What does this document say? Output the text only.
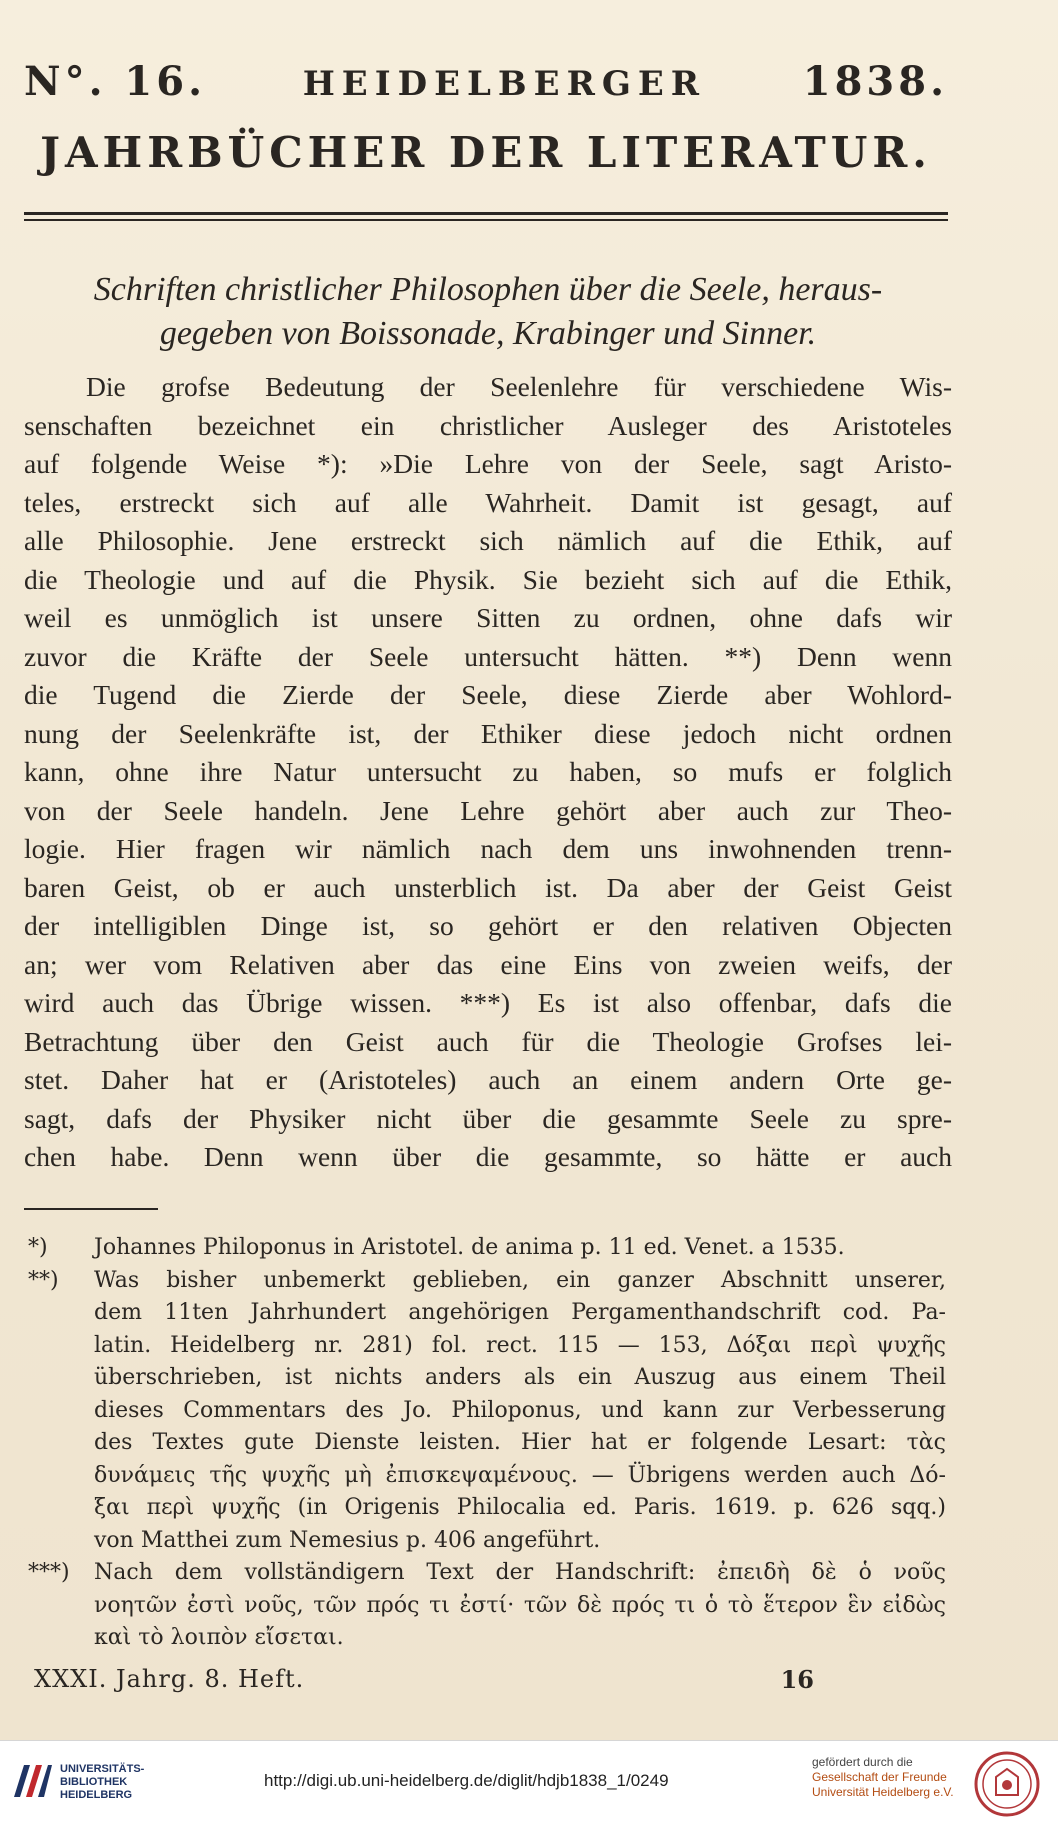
N°. 16.	HEIDELBERGER 1838.
JAHRBÜCHER DER LITERATUR.
Schriften christlicher Philosophen über die Seele, heraus-
gegeben von Boissonade, Krabinger und Sinner.
Die grofse Bedeutung der Seelenlehre für verschiedene Wis-
senschaften bezeichnet ein christlicher Ausleger des Aristoteles
auf folgende Weise *): »Die Lehre von der Seele, sagt Aristo-
teles, erstreckt sich auf alle Wahrheit. Damit ist gesagt, auf
alle Philosophie. Jene erstreckt sich nämlich auf die Ethik, auf
die Theologie und auf die Physik. Sie bezieht sich auf die Ethik,
weil es unmöglich ist unsere Sitten zu ordnen, ohne dafs wir
zuvor die Kräfte der Seele untersucht hätten. **) Denn wenn
die Tugend die Zierde der Seele, diese Zierde aber Wohlord-
nung der Seelenkräfte ist, der Ethiker diese jedoch nicht ordnen
kann, ohne ihre Natur untersucht zu haben, so mufs er folglich
von der Seele handeln. Jene Lehre gehört aber auch zur Theo-
logie. Hier fragen wir nämlich nach dem uns inwohnenden trenn-
baren Geist, ob er auch unsterblich ist. Da aber der Geist Geist
der intelligiblen Dinge ist, so gehört er den relativen Objecten
an; wer vom Relativen aber das eine Eins von zweien weifs, der
wird auch das Übrige wissen. ***) Es ist also offenbar, dafs die
Betrachtung über den Geist auch für die Theologie Grofses lei-
stet. Daher hat er (Aristoteles) auch an einem andern Orte ge-
sagt, dafs der Physiker nicht über die gesammte Seele zu spre-
chen habe. Denn wenn über die gesammte, so hätte er auch
*) Johannes Philoponus in Aristotel. de anima p. 11 ed. Venet. a 1535.
**) Was bisher unbemerkt geblieben, ein ganzer Abschnitt unserer,
dem 11ten Jahrhundert angehörigen Pergamenthandschrift cod. Pa-
latin. Heidelberg nr. 281) fol. rect. 115 — 153, Δόξαι περὶ ψυχῆς
überschrieben, ist nichts anders als ein Auszug aus einem Theil
dieses Commentars des Jo. Philoponus, und kann zur Verbesserung
des Textes gute Dienste leisten. Hier hat er folgende Lesart: τὰς
δυνάμεις τῆς ψυχῆς μὴ ἐπισκεψαμένους. — Übrigens werden auch Δό-
ξαι περὶ ψυχῆς (in Origenis Philocalia ed. Paris. 1619. p. 626 sqq.)
von Matthei zum Nemesius p. 406 angeführt.
***) Nach dem vollständigern Text der Handschrift: ἐπειδὴ δὲ ὁ νοῦς
νοητῶν ἐστὶ νοῦς, τῶν πρός τι ἐστί· τῶν δὲ πρός τι ὁ τὸ ἕτερον ἓν εἰδὼς
καὶ τὸ λοιπὸν εἴσεται.
XXXI. Jahrg. 8. Heft.	16
UNIVERSITÄTS-
BIBLIOTHEK
HEIDELBERG
http://digi.ub.uni-heidelberg.de/diglit/hdjb1838_1/0249
gefördert durch die
Gesellschaft der Freunde
Universität Heidelberg e.V.
